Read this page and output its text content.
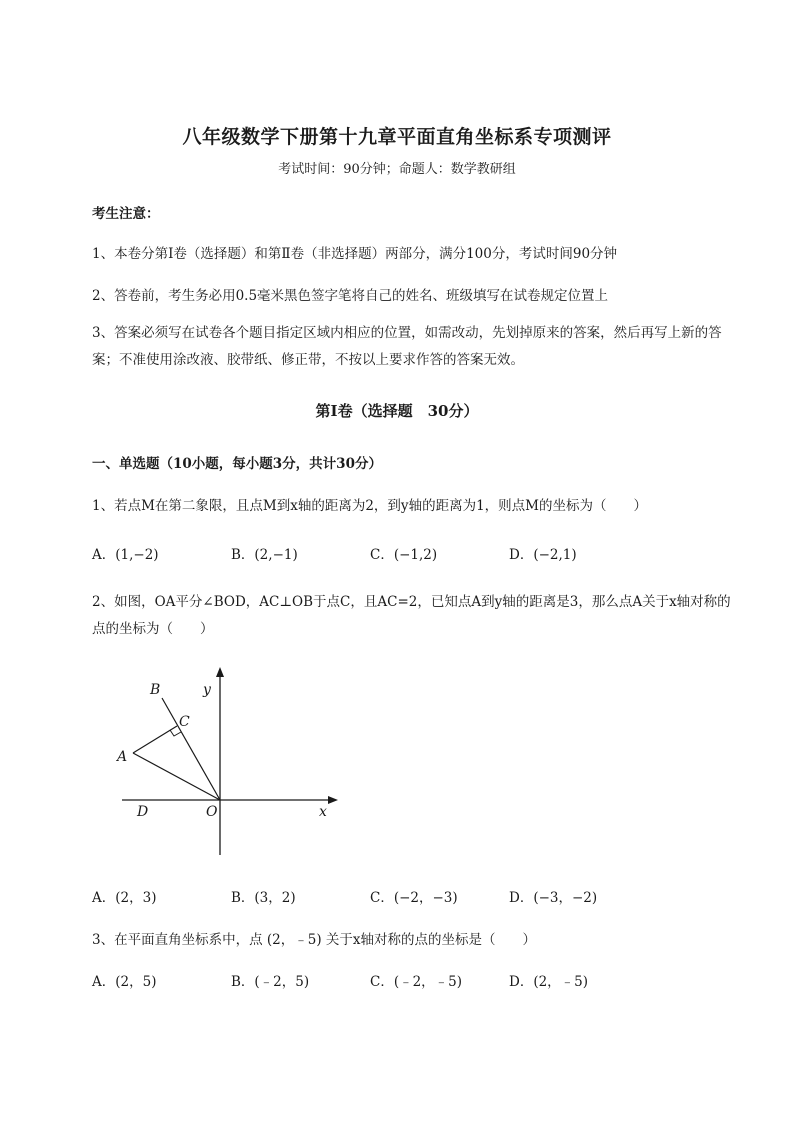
八年级数学下册第十九章平面直角坐标系专项测评
考试时间：90分钟；命题人：数学教研组
考生注意：
1、本卷分第Ⅰ卷（选择题）和第Ⅱ卷（非选择题）两部分，满分100分，考试时间90分钟
2、答卷前，考生务必用0.5毫米黑色签字笔将自己的姓名、班级填写在试卷规定位置上
3、答案必须写在试卷各个题目指定区域内相应的位置，如需改动，先划掉原来的答案，然后再写上新的答案；不准使用涂改液、胶带纸、修正带，不按以上要求作答的答案无效。
第Ⅰ卷（选择题　30分）
一、单选题（10小题，每小题3分，共计30分）
1、若点M在第二象限，且点M到x轴的距离为2，到y轴的距离为1，则点M的坐标为（　　）
A．(1,−2)	B．(2,−1)	C．(−1,2)	D．(−2,1)
2、如图，OA平分∠BOD，AC⊥OB于点C，且AC=2，已知点A到y轴的距离是3，那么点A关于x轴对称的点的坐标为（　　）
B	y
C
A
D	O	x
A．(2，3)	B．(3，2)	C．(−2，−3)	D．(−3，−2)
3、在平面直角坐标系中，点 (2，﹣5) 关于x轴对称的点的坐标是（　　）
A．(2，5)	B．(﹣2，5)	C．(﹣2，﹣5)	D．(2，﹣5)
